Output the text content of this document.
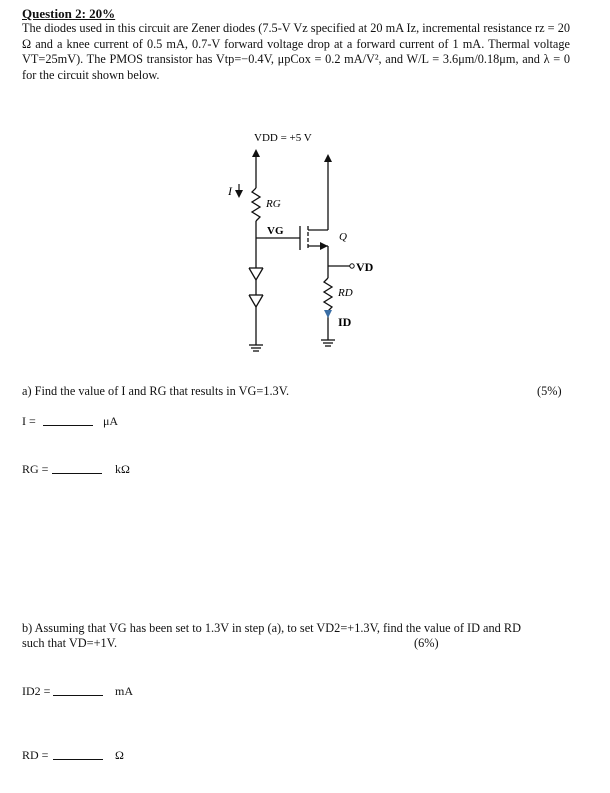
Question 2: 20%
The diodes used in this circuit are Zener diodes (7.5-V Vz specified at 20 mA Iz, incremental resistance rz = 20 Ω and a knee current of 0.5 mA, 0.7-V forward voltage drop at a forward current of 1 mA. Thermal voltage VT=25mV). The PMOS transistor has Vtp=−0.4V, μpCox = 0.2 mA/V², and W/L = 3.6μm/0.18μm, and λ = 0 for the circuit shown below.
VDD = +5 V
I
RG
VG	Q
VD
RD
ID
a) Find the value of I and RG that results in VG=1.3V.	(5%)
I =	μA
RG =	kΩ
b) Assuming that VG has been set to 1.3V in step (a), to set VD2=+1.3V, find the value of ID and RD
such that VD=+1V.	(6%)
ID2 =	mA
RD =	Ω
